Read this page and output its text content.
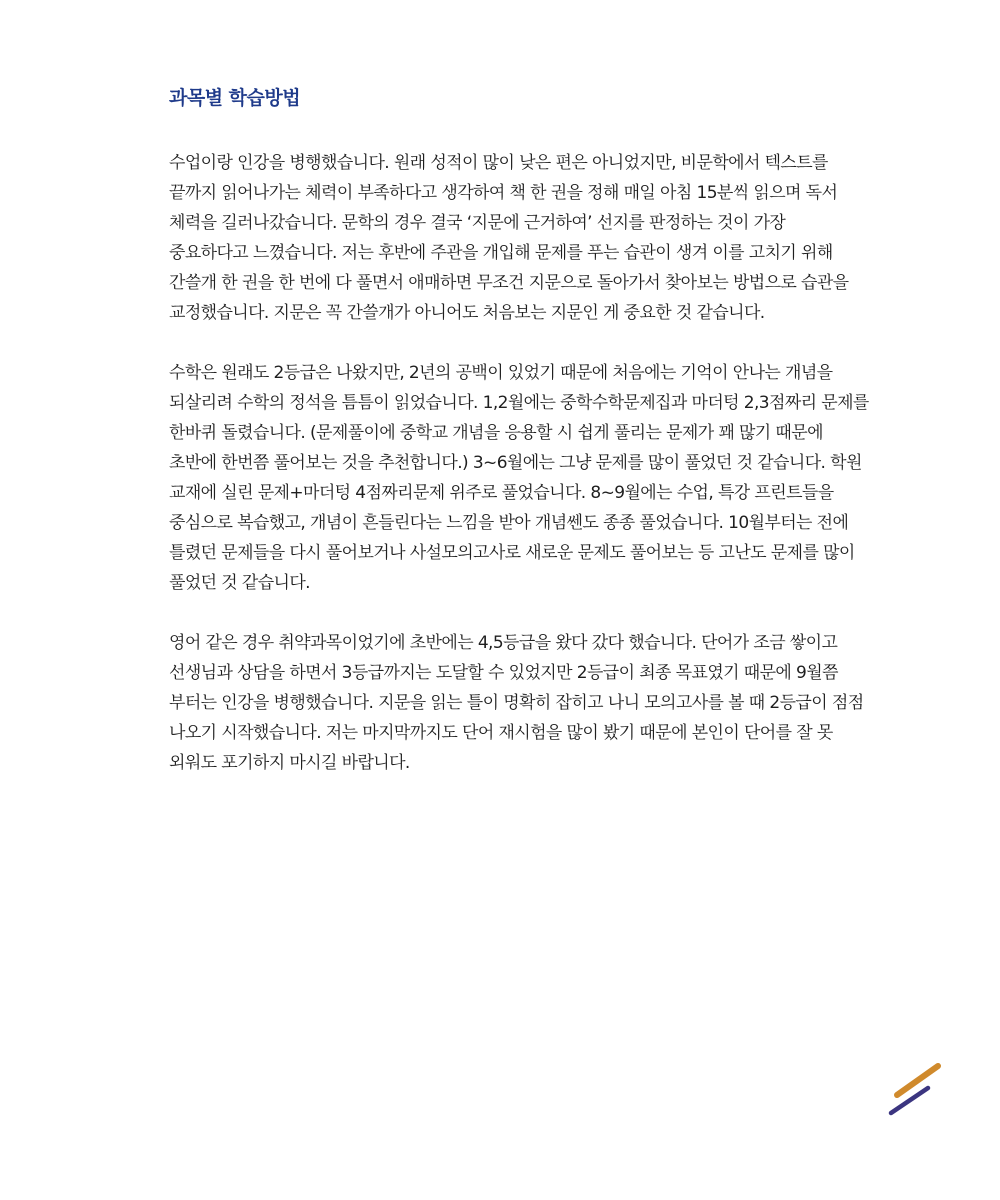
과목별 학습방법

수업이랑 인강을 병행했습니다. 원래 성적이 많이 낮은 편은 아니었지만, 비문학에서 텍스트를 끝까지 읽어나가는 체력이 부족하다고 생각하여 책 한 권을 정해 매일 아침 15분씩 읽으며 독서 체력을 길러나갔습니다. 문학의 경우 결국 ‘지문에 근거하여’ 선지를 판정하는 것이 가장 중요하다고 느꼈습니다. 저는 후반에 주관을 개입해 문제를 푸는 습관이 생겨 이를 고치기 위해 간쓸개 한 권을 한 번에 다 풀면서 애매하면 무조건 지문으로 돌아가서 찾아보는 방법으로 습관을 교정했습니다. 지문은 꼭 간쓸개가 아니어도 처음보는 지문인 게 중요한 것 같습니다.

수학은 원래도 2등급은 나왔지만, 2년의 공백이 있었기 때문에 처음에는 기억이 안나는 개념을 되살리려 수학의 정석을 틈틈이 읽었습니다. 1,2월에는 중학수학문제집과 마더텅 2,3점짜리 문제를 한바퀴 돌렸습니다. (문제풀이에 중학교 개념을 응용할 시 쉽게 풀리는 문제가 꽤 많기 때문에 초반에 한번쯤 풀어보는 것을 추천합니다.) 3~6월에는 그냥 문제를 많이 풀었던 것 같습니다. 학원 교재에 실린 문제+마더텅 4점짜리문제 위주로 풀었습니다. 8~9월에는 수업, 특강 프린트들을 중심으로 복습했고, 개념이 흔들린다는 느낌을 받아 개념쎈도 종종 풀었습니다. 10월부터는 전에 틀렸던 문제들을 다시 풀어보거나 사설모의고사로 새로운 문제도 풀어보는 등 고난도 문제를 많이 풀었던 것 같습니다.

영어 같은 경우 취약과목이었기에 초반에는 4,5등급을 왔다 갔다 했습니다. 단어가 조금 쌓이고 선생님과 상담을 하면서 3등급까지는 도달할 수 있었지만 2등급이 최종 목표였기 때문에 9월쯤 부터는 인강을 병행했습니다. 지문을 읽는 틀이 명확히 잡히고 나니 모의고사를 볼 때 2등급이 점점 나오기 시작했습니다. 저는 마지막까지도 단어 재시험을 많이 봤기 때문에 본인이 단어를 잘 못 외워도 포기하지 마시길 바랍니다.
